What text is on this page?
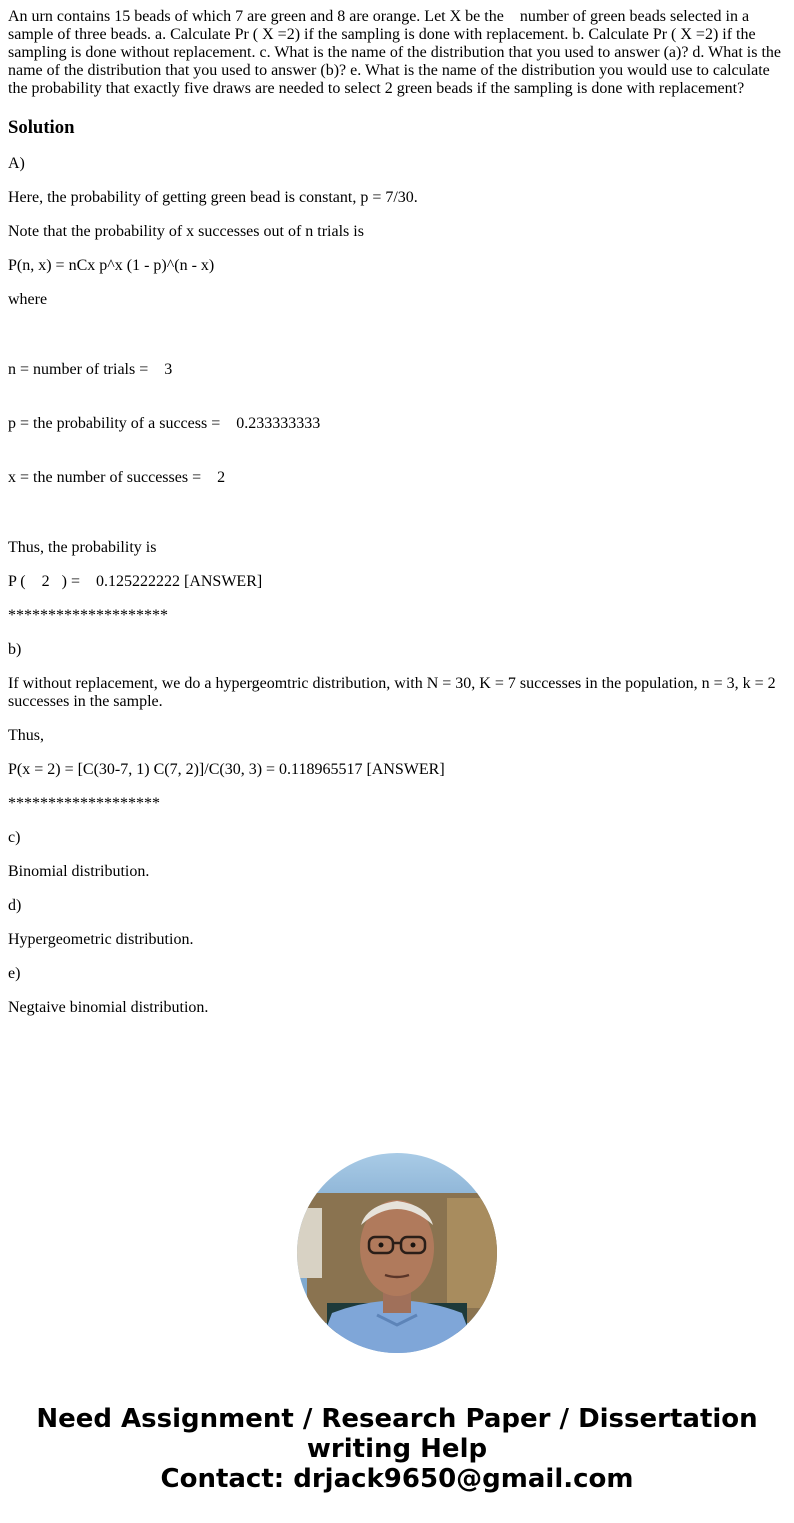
An urn contains 15 beads of which 7 are green and 8 are orange. Let X be the    number of green beads selected in a sample of three beads. a. Calculate Pr ( X =2) if the sampling is done with replacement. b. Calculate Pr ( X =2) if the sampling is done without replacement. c. What is the name of the distribution that you used to answer (a)? d. What is the name of the distribution that you used to answer (b)? e. What is the name of the distribution you would use to calculate the probability that exactly five draws are needed to select 2 green beads if the sampling is done with replacement?

Solution

A)

Here, the probability of getting green bead is constant, p = 7/30.

Note that the probability of x successes out of n trials is

P(n, x) = nCx p^x (1 - p)^(n - x)

where

n = number of trials =    3

p = the probability of a success =    0.233333333

x = the number of successes =    2

Thus, the probability is

P (    2   ) =    0.125222222 [ANSWER]

********************

b)

If without replacement, we do a hypergeomtric distribution, with N = 30, K = 7 successes in the population, n = 3, k = 2 successes in the sample.

Thus,

P(x = 2) = [C(30-7, 1) C(7, 2)]/C(30, 3) = 0.118965517 [ANSWER]

*******************

c)

Binomial distribution.

d)

Hypergeometric distribution.

e)

Negtaive binomial distribution.

Need Assignment / Research Paper / Dissertation
writing Help
Contact: drjack9650@gmail.com
